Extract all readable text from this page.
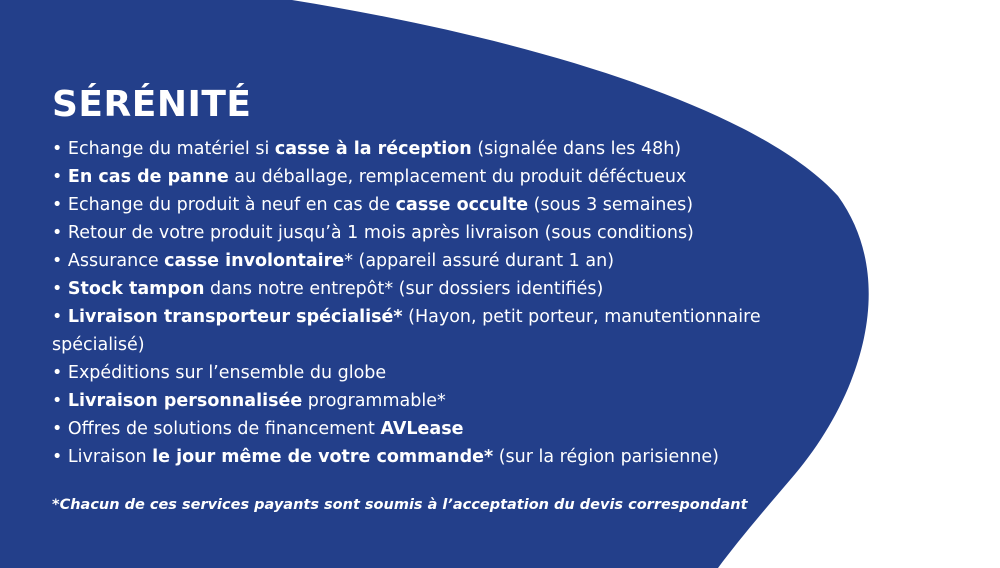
SÉRÉNITÉ
• Echange du matériel si casse à la réception (signalée dans les 48h)
• En cas de panne au déballage, remplacement du produit déféctueux
• Echange du produit à neuf en cas de casse occulte (sous 3 semaines)
• Retour de votre produit jusqu’à 1 mois après livraison (sous conditions)
• Assurance casse involontaire* (appareil assuré durant 1 an)
• Stock tampon dans notre entrepôt* (sur dossiers identifiés)
• Livraison transporteur spécialisé* (Hayon, petit porteur, manutentionnaire spécialisé)
• Expéditions sur l’ensemble du globe
• Livraison personnalisée programmable*
• Offres de solutions de financement AVLease
• Livraison le jour même de votre commande* (sur la région parisienne)
*Chacun de ces services payants sont soumis à l’acceptation du devis correspondant
